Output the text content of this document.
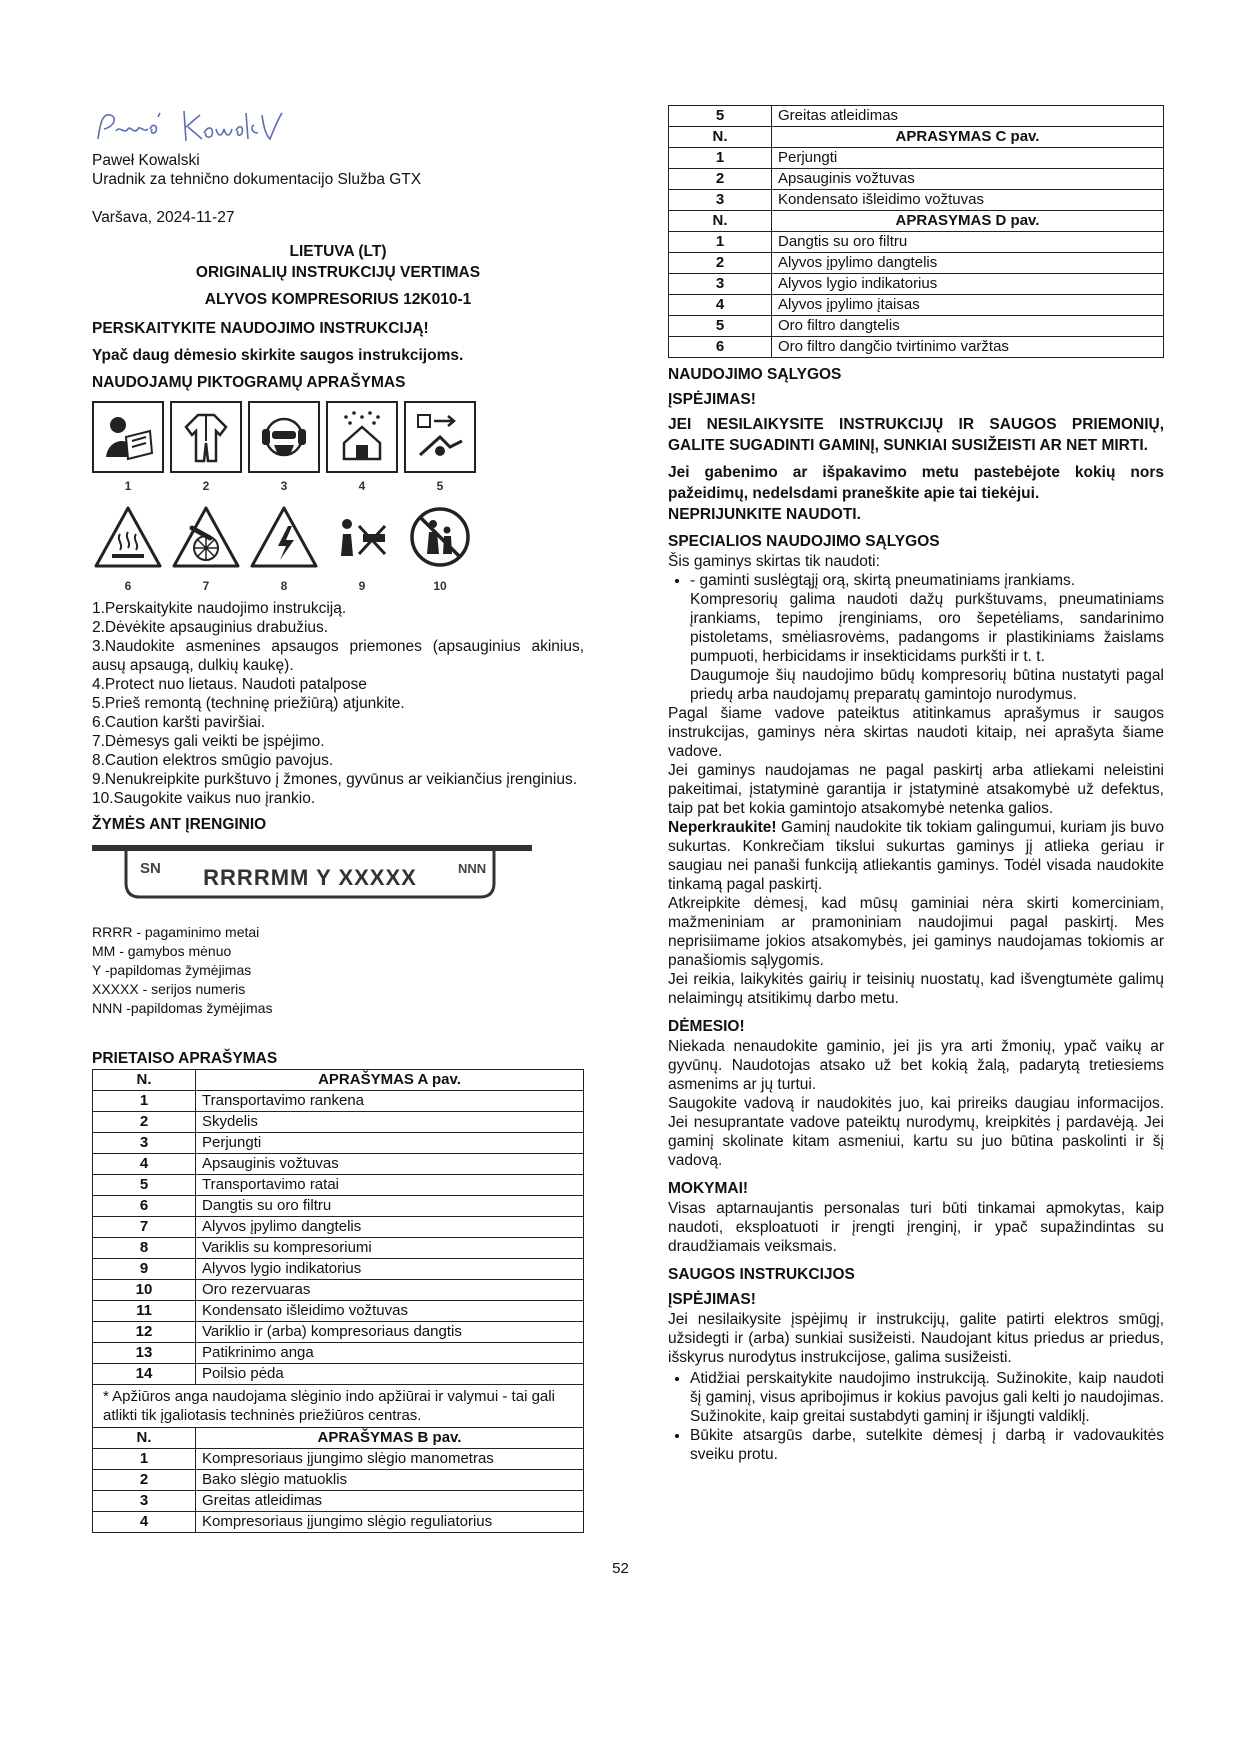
Paweł Kowalski

Uradnik za tehnično dokumentacijo Služba GTX

Varšava, 2024-11-27

LIETUVA (LT)

ORIGINALIŲ INSTRUKCIJŲ VERTIMAS

ALYVOS KOMPRESORIUS 12K010-1

PERSKAITYKITE NAUDOJIMO INSTRUKCIJĄ!

Ypač daug dėmesio skirkite saugos instrukcijoms.

NAUDOJAMŲ PIKTOGRAMŲ APRAŠYMAS

1	2	3	4	5
6	7	8	9	10
1.Perskaitykite naudojimo instrukciją.
2.Dėvėkite apsauginius drabužius.
3.Naudokite asmenines apsaugos priemones (apsauginius akinius, ausų apsaugą, dulkių kaukę).
4.Protect nuo lietaus. Naudoti patalpose
5.Prieš remontą (techninę priežiūrą) atjunkite.
6.Caution karšti paviršiai.
7.Dėmesys gali veikti be įspėjimo.
8.Caution elektros smūgio pavojus.
9.Nenukreipkite purkštuvo į žmones, gyvūnus ar veikiančius įrenginius.
10.Saugokite vaikus nuo įrankio.

ŽYMĖS ANT ĮRENGINIO

SN RRRRMM Y XXXXX	NNN
RRRR - pagaminimo metai
MM - gamybos mėnuo
Y -papildomas žymėjimas
XXXXX - serijos numeris
NNN -papildomas žymėjimas

PRIETAISO APRAŠYMAS

N.	APRAŠYMAS A pav.
1	Transportavimo rankena
2	Skydelis
3	Perjungti
4	Apsauginis vožtuvas
5	Transportavimo ratai
6	Dangtis su oro filtru
7	Alyvos įpylimo dangtelis
8	Variklis su kompresoriumi
9	Alyvos lygio indikatorius
10	Oro rezervuaras
11	Kondensato išleidimo vožtuvas
12	Variklio ir (arba) kompresoriaus dangtis
13	Patikrinimo anga
14	Poilsio pėda
* Apžiūros anga naudojama slėginio indo apžiūrai ir valymui - tai gali atlikti tik įgaliotasis techninės priežiūros centras.	
N.	APRAŠYMAS B pav.
1	Kompresoriaus įjungimo slėgio manometras
2	Bako slėgio matuoklis
3	Greitas atleidimas
4	Kompresoriaus įjungimo slėgio reguliatorius
5	Greitas atleidimas
N.	APRASYMAS C pav.
1	Perjungti
2	Apsauginis vožtuvas
3	Kondensato išleidimo vožtuvas
N.	APRASYMAS D pav.
1	Dangtis su oro filtru
2	Alyvos įpylimo dangtelis
3	Alyvos lygio indikatorius
4	Alyvos įpylimo įtaisas
5	Oro filtro dangtelis
6	Oro filtro dangčio tvirtinimo varžtas

NAUDOJIMO SĄLYGOS

ĮSPĖJIMAS!

JEI NESILAIKYSITE INSTRUKCIJŲ IR SAUGOS PRIEMONIŲ, GALITE SUGADINTI GAMINĮ, SUNKIAI SUSIŽEISTI AR NET MIRTI.

Jei gabenimo ar išpakavimo metu pastebėjote kokių nors pažeidimų, nedelsdami praneškite apie tai tiekėjui.

NEPRIJUNKITE NAUDOTI.

SPECIALIOS NAUDOJIMO SĄLYGOS

Šis gaminys skirtas tik naudoti:

• - gaminti suslėgtąjį orą, skirtą pneumatiniams įrankiams.
Kompresorių galima naudoti dažų purkštuvams, pneumatiniams įrankiams, tepimo įrenginiams, oro šepetėliams, sandarinimo pistoletams, smėliasrovėms, padangoms ir plastikiniams žaislams pumpuoti, herbicidams ir insekticidams purkšti ir t. t.
Daugumoje šių naudojimo būdų kompresorių būtina nustatyti pagal priedų arba naudojamų preparatų gamintojo nurodymus.

Pagal šiame vadove pateiktus atitinkamus aprašymus ir saugos instrukcijas, gaminys nėra skirtas naudoti kitaip, nei aprašyta šiame vadove.

Jei gaminys naudojamas ne pagal paskirtį arba atliekami neleistini pakeitimai, įstatyminė garantija ir įstatyminė atsakomybė už defektus, taip pat bet kokia gamintojo atsakomybė netenka galios.

Neperkraukite! Gaminį naudokite tik tokiam galingumui, kuriam jis buvo sukurtas. Konkrečiam tikslui sukurtas gaminys jį atlieka geriau ir saugiau nei panaši funkciją atliekantis gaminys. Todėl visada naudokite tinkamą pagal paskirtį.

Atkreipkite dėmesį, kad mūsų gaminiai nėra skirti komerciniam, mažmeniniam ar pramoniniam naudojimui pagal paskirtį. Mes neprisiimame jokios atsakomybės, jei gaminys naudojamas tokiomis ar panašiomis sąlygomis.

Jei reikia, laikykitės gairių ir teisinių nuostatų, kad išvengtumėte galimų nelaimingų atsitikimų darbo metu.

DĖMESIO!

Niekada nenaudokite gaminio, jei jis yra arti žmonių, ypač vaikų ar gyvūnų. Naudotojas atsako už bet kokią žalą, padarytą tretiesiems asmenims ar jų turtui.

Saugokite vadovą ir naudokitės juo, kai prireiks daugiau informacijos. Jei nesuprantate vadove pateiktų nurodymų, kreipkitės į pardavėją. Jei gaminį skolinate kitam asmeniui, kartu su juo būtina paskolinti ir šį vadovą.

MOKYMAI!

Visas aptarnaujantis personalas turi būti tinkamai apmokytas, kaip naudoti, eksploatuoti ir įrengti įrenginį, ir ypač supažindintas su draudžiamais veiksmais.

SAUGOS INSTRUKCIJOS

ĮSPĖJIMAS!

Jei nesilaikysite įspėjimų ir instrukcijų, galite patirti elektros smūgį, užsidegti ir (arba) sunkiai susižeisti. Naudojant kitus priedus ar priedus, išskyrus nurodytus instrukcijose, galima susižeisti.

• Atidžiai perskaitykite naudojimo instrukciją. Sužinokite, kaip naudoti šį gaminį, visus apribojimus ir kokius pavojus gali kelti jo naudojimas. Sužinokite, kaip greitai sustabdyti gaminį ir išjungti valdiklį.
• Būkite atsargūs darbe, sutelkite dėmesį į darbą ir vadovaukitės sveiku protu.
52
